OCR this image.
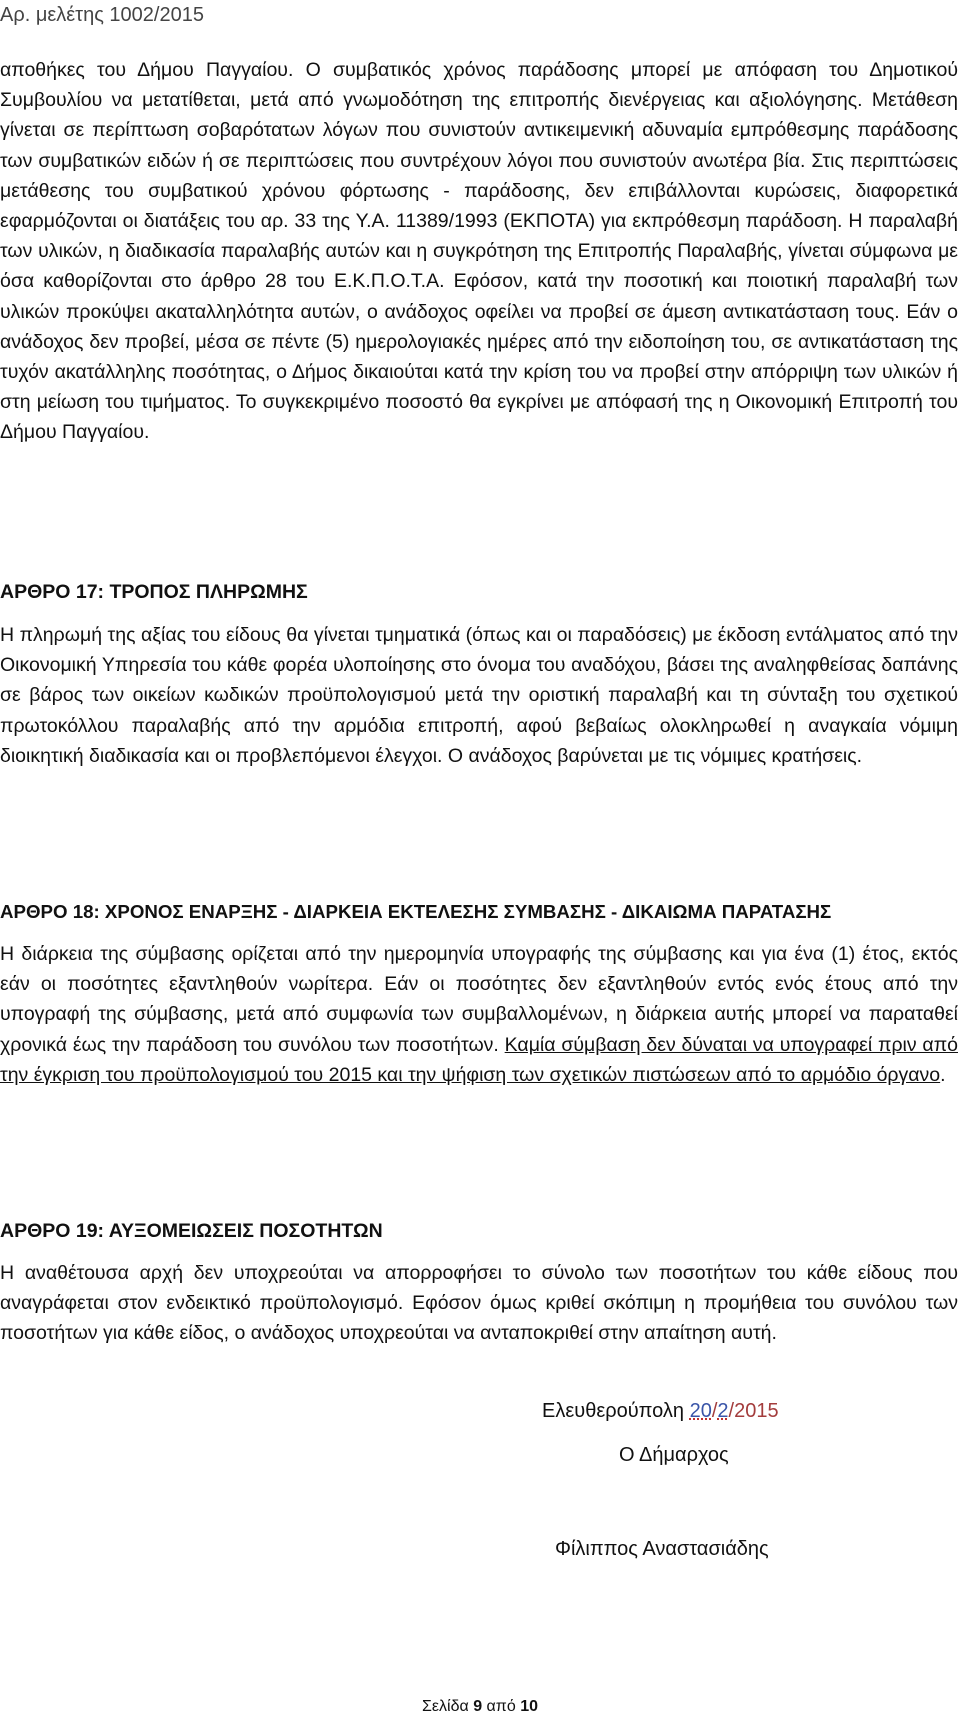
Αρ. μελέτης 1002/2015

αποθήκες του Δήμου Παγγαίου. Ο συμβατικός χρόνος παράδοσης μπορεί με απόφαση του Δημοτικού Συμβουλίου να μετατίθεται, μετά από γνωμοδότηση της επιτροπής διενέργειας και αξιολόγησης. Μετάθεση γίνεται σε περίπτωση σοβαρότατων λόγων που συνιστούν αντικειμενική αδυναμία εμπρόθεσμης παράδοσης των συμβατικών ειδών ή σε περιπτώσεις που συντρέχουν λόγοι που συνιστούν ανωτέρα βία. Στις περιπτώσεις μετάθεσης του συμβατικού χρόνου φόρτωσης - παράδοσης, δεν επιβάλλονται κυρώσεις, διαφορετικά εφαρμόζονται οι διατάξεις του αρ. 33 της Υ.Α. 11389/1993 (ΕΚΠΟΤΑ) για εκπρόθεσμη παράδοση. Η παραλαβή των υλικών, η διαδικασία παραλαβής αυτών και η συγκρότηση της Επιτροπής Παραλαβής, γίνεται σύμφωνα με όσα καθορίζονται στο άρθρο 28 του Ε.Κ.Π.Ο.Τ.Α. Εφόσον, κατά την ποσοτική και ποιοτική παραλαβή των υλικών προκύψει ακαταλληλότητα αυτών, ο ανάδοχος οφείλει να προβεί σε άμεση αντικατάσταση τους. Εάν ο ανάδοχος δεν προβεί, μέσα σε πέντε (5) ημερολογιακές ημέρες από την ειδοποίηση του, σε αντικατάσταση της τυχόν ακατάλληλης ποσότητας, ο Δήμος δικαιούται κατά την κρίση του να προβεί στην απόρριψη των υλικών ή στη μείωση του τιμήματος. Το συγκεκριμένο ποσοστό θα εγκρίνει με απόφασή της η Οικονομική Επιτροπή του Δήμου Παγγαίου.

ΑΡΘΡΟ 17: ΤΡΟΠΟΣ ΠΛΗΡΩΜΗΣ

Η πληρωμή της αξίας του είδους θα γίνεται τμηματικά (όπως και οι παραδόσεις) με έκδοση εντάλματος από την Οικονομική Υπηρεσία του κάθε φορέα υλοποίησης στο όνομα του αναδόχου, βάσει της αναληφθείσας δαπάνης σε βάρος των οικείων κωδικών προϋπολογισμού μετά την οριστική παραλαβή και τη σύνταξη του σχετικού πρωτοκόλλου παραλαβής από την αρμόδια επιτροπή, αφού βεβαίως ολοκληρωθεί η αναγκαία νόμιμη διοικητική διαδικασία και οι προβλεπόμενοι έλεγχοι. Ο ανάδοχος βαρύνεται με τις νόμιμες κρατήσεις.

ΑΡΘΡΟ 18: ΧΡΟΝΟΣ ΕΝΑΡΞΗΣ - ΔΙΑΡΚΕΙΑ ΕΚΤΕΛΕΣΗΣ ΣΥΜΒΑΣΗΣ - ΔΙΚΑΙΩΜΑ ΠΑΡΑΤΑΣΗΣ

Η διάρκεια της σύμβασης ορίζεται από την ημερομηνία υπογραφής της σύμβασης και για ένα (1) έτος, εκτός εάν οι ποσότητες εξαντληθούν νωρίτερα. Εάν οι ποσότητες δεν εξαντληθούν εντός ενός έτους από την υπογραφή της σύμβασης, μετά από συμφωνία των συμβαλλομένων, η διάρκεια αυτής μπορεί να παραταθεί χρονικά έως την παράδοση του συνόλου των ποσοτήτων. Καμία σύμβαση δεν δύναται να υπογραφεί πριν από την έγκριση του προϋπολογισμού του 2015 και την ψήφιση των σχετικών πιστώσεων από το αρμόδιο όργανο.

ΑΡΘΡΟ 19: ΑΥΞΟΜΕΙΩΣΕΙΣ ΠΟΣΟΤΗΤΩΝ

Η αναθέτουσα αρχή δεν υποχρεούται να απορροφήσει το σύνολο των ποσοτήτων του κάθε είδους που αναγράφεται στον ενδεικτικό προϋπολογισμό. Εφόσον όμως κριθεί σκόπιμη η προμήθεια του συνόλου των ποσοτήτων για κάθε είδος, ο ανάδοχος υποχρεούται να ανταποκριθεί στην απαίτηση αυτή.

Ελευθερούπολη 20/2/2015
Ο Δήμαρχος
Φίλιππος Αναστασιάδης
Σελίδα 9 από 10
